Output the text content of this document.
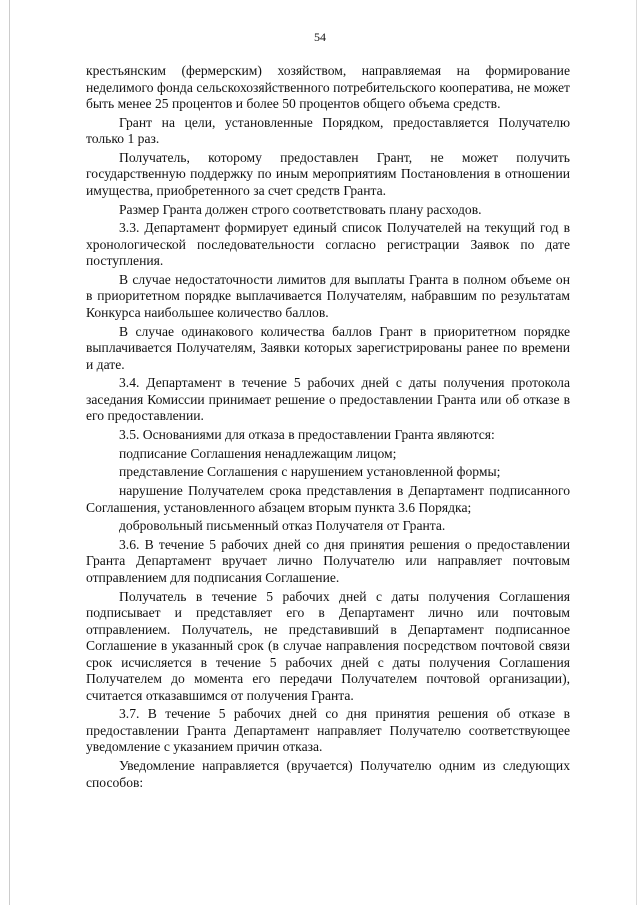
54

крестьянским (фермерским) хозяйством, направляемая на формирование неделимого фонда сельскохозяйственного потребительского кооператива, не может быть менее 25 процентов и более 50 процентов общего объема средств.

Грант на цели, установленные Порядком, предоставляется Получателю только 1 раз.

Получатель, которому предоставлен Грант, не может получить государственную поддержку по иным мероприятиям Постановления в отношении имущества, приобретенного за счет средств Гранта.

Размер Гранта должен строго соответствовать плану расходов.

3.3. Департамент формирует единый список Получателей на текущий год в хронологической последовательности согласно регистрации Заявок по дате поступления.

В случае недостаточности лимитов для выплаты Гранта в полном объеме он в приоритетном порядке выплачивается Получателям, набравшим по результатам Конкурса наибольшее количество баллов.

В случае одинакового количества баллов Грант в приоритетном порядке выплачивается Получателям, Заявки которых зарегистрированы ранее по времени и дате.

3.4. Департамент в течение 5 рабочих дней с даты получения протокола заседания Комиссии принимает решение о предоставлении Гранта или об отказе в его предоставлении.

3.5. Основаниями для отказа в предоставлении Гранта являются:

подписание Соглашения ненадлежащим лицом;

представление Соглашения с нарушением установленной формы;

нарушение Получателем срока представления в Департамент подписанного Соглашения, установленного абзацем вторым пункта 3.6 Порядка;

добровольный письменный отказ Получателя от Гранта.

3.6. В течение 5 рабочих дней со дня принятия решения о предоставлении Гранта Департамент вручает лично Получателю или направляет почтовым отправлением для подписания Соглашение.

Получатель в течение 5 рабочих дней с даты получения Соглашения подписывает и представляет его в Департамент лично или почтовым отправлением. Получатель, не представивший в Департамент подписанное Соглашение в указанный срок (в случае направления посредством почтовой связи срок исчисляется в течение 5 рабочих дней с даты получения Соглашения Получателем до момента его передачи Получателем почтовой организации), считается отказавшимся от получения Гранта.

3.7. В течение 5 рабочих дней со дня принятия решения об отказе в предоставлении Гранта Департамент направляет Получателю соответствующее уведомление с указанием причин отказа.

Уведомление направляется (вручается) Получателю одним из следующих способов:
